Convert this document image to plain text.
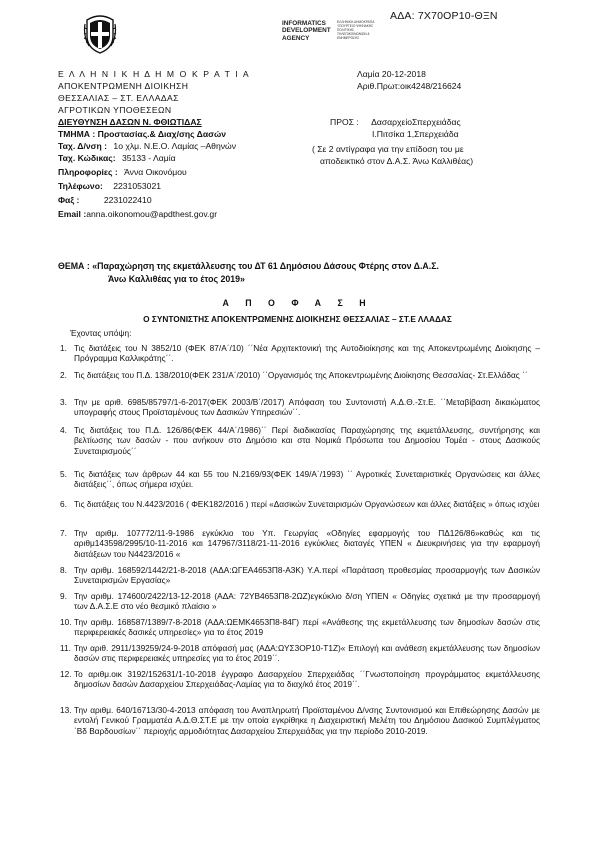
ΑΔΑ: 7Χ70ΟΡ10-ΘΞΝ
INFORMATICS
DEVELOPMENT
AGENCY
ΕΛΛΗΝΙΚΗ ΔΗΜΟΚΡΑΤΙΑ
ΥΠΟΥΡΓΕΙΟ ΨΗΦΙΑΚΗΣ
ΠΟΛΙΤΙΚΗΣ
ΤΗΛΕΠΙΚΟΙΝΩΝΙΩΝ &
ΕΝΗΜΕΡΩΣΗΣ
Ε Λ Λ Η Ν Ι Κ Η Δ Η Μ Ο Κ Ρ Α Τ Ι Α
ΑΠΟΚΕΝΤΡΩΜΕΝΗ ΔΙΟΙΚΗΣΗ
ΘΕΣΣΑΛΙΑΣ – ΣΤ. ΕΛΛΑΔΑΣ
ΑΓΡΟΤΙΚΩΝ ΥΠΟΘΕΣΕΩΝ
ΔΙΕΥΘΥΝΣΗ ΔΑΣΩΝ Ν. ΦΘΙΩΤΙΔΑΣ
ΤΜΗΜΑ : Προστασίας.& Διαχ/σης Δασών
Ταχ. Δ/νση : 1ο χλμ. Ν.Ε.Ο. Λαμίας –Αθηνών
Ταχ. Κώδικας: 35133 - Λαμία
Πληροφορίες : Άννα Οικονόμου
Τηλέφωνο: 2231053021
Φαξ :	2231022410
Email :anna.oikonomou@apdthest.gov.gr
Λαμία 20-12-2018
Αριθ.Πρωτ:οικ4248/216624
ΠΡΟΣ : ΔασαρχείοΣπερχειάδας
Ι.Πιτσίκα 1,Σπερχειάδα
( Σε 2 αντίγραφα για την επίδοση του με
αποδεικτικό στον Δ.Α.Σ. Άνω Καλλιθέας)
ΘΕΜΑ : «Παραχώρηση της εκμετάλλευσης του ΔΤ 61 Δημόσιου Δάσους Φτέρης στον Δ.Α.Σ.
Άνω Καλλιθέας για το έτος 2019»
Α Π Ο Φ Α Σ Η
Ο ΣΥΝΤΟΝΙΣΤΗΣ ΑΠΟΚΕΝΤΡΩΜΕΝΗΣ ΔΙΟΙΚΗΣΗΣ ΘΕΣΣΑΛΙΑΣ – ΣΤ.Ε ΛΛΑΔΑΣ
Έχοντας υπόψη:
1. Τις διατάξεις του Ν 3852/10 (ΦΕΚ 87/Α΄/10) ΄΄Νέα Αρχιτεκτονική της Αυτοδιοίκησης και της Αποκεντρωμένης Διοίκησης – Πρόγραμμα Καλλικράτης΄΄.
2. Τις διατάξεις του Π.Δ. 138/2010(ΦΕΚ 231/Α΄/2010) ΄΄Οργανισμός της Αποκεντρωμένης Διοίκησης Θεσσαλίας- Στ.Ελλάδας ΄΄
3. Την με αριθ. 6985/85797/1-6-2017(ΦΕΚ 2003/Β΄/2017) Απόφαση του Συντονιστή Α.Δ.Θ.-Στ.Ε. ΄΄Μεταβίβαση δικαιώματος υπογραφής στους Προϊσταμένους των Δασικών Υπηρεσιών΄΄.
4. Τις διατάξεις του Π.Δ. 126/86(ΦΕΚ 44/Α΄/1986)΄΄ Περί διαδικασίας Παραχώρησης της εκμετάλλευσης, συντήρησης και βελτίωσης των δασών - που ανήκουν στο Δημόσιο και στα Νομικά Πρόσωπα του Δημοσίου Τομέα - στους Δασικούς Συνεταιρισμούς΄΄
5. Τις διατάξεις των άρθρων 44 και 55 του Ν.2169/93(ΦΕΚ 149/Α΄/1993) ΄΄ Αγροτικές Συνεταιριστικές Οργανώσεις και άλλες διατάξεις΄΄, όπως σήμερα ισχύει.
6. Τις διατάξεις του Ν.4423/2016 ( ΦΕΚ182/2016 ) περί «Δασικών Συνεταιρισμών Οργανώσεων και άλλες διατάξεις » όπως ισχύει
7. Την αριθμ. 107772/11-9-1986 εγκύκλιο του Υπ. Γεωργίας «Οδηγίες εφαρμογής του ΠΔ126/86»καθώς και τις αριθμ143598/2995/10-11-2016 και 147967/3118/21-11-2016 εγκύκλιες διαταγές ΥΠΕΝ « Διευκρινήσεις για την εφαρμογή διατάξεων του Ν4423/2016 «
8. Την αριθμ. 168592/1442/21-8-2018 (ΑΔΑ:ΩΓΕΑ4653Π8-Α3Κ) Υ.Α.περί «Παράταση προθεσμίας προσαρμογής των Δασικών Συνεταιρισμών Εργασίας»
9. Την αριθμ. 174600/2422/13-12-2018 (ΑΔΑ: 72ΥΒ4653Π8-2ΩΖ)εγκύκλιο δ/ση ΥΠΕΝ « Οδηγίες σχετικά με την προσαρμογή των Δ.Α.Σ.Ε στο νέο θεσμικό πλαίσιο »
10. Την αριθμ. 168587/1389/7-8-2018 (ΑΔΑ:ΩΕΜΚ4653Π8-84Γ) περί «Ανάθεσης της εκμετάλλευσης των δημοσίων δασών στις περιφερειακές δασικές υπηρεσίες» για το έτος 2019
11. Την αριθ. 2911/139259/24-9-2018 απόφασή μας (ΑΔΑ:ΩΥΣ3ΟΡ10-Τ1Ζ)« Επιλογή και ανάθεση εκμετάλλευσης των δημοσίων δασών στις περιφερειακές υπηρεσίες για το έτος 2019΄΄.
12. Το αριθμ.οικ 3192/152631/1-10-2018 έγγραφο Δασαρχείου Σπερχειάδας ΄΄Γνωστοποίηση προγράμματος εκμετάλλευσης δημοσίων δασών Δασαρχείου Σπερχειάδας-Λαμίας για το διαχ/κό έτος 2019΄΄.
13. Την αριθμ. 640/16713/30-4-2013 απόφαση του Αναπληρωτή Προϊσταμένου Δ/νσης Συντονισμού και Επιθεώρησης Δασών με εντολή Γενικού Γραμματέα Α.Δ.Θ.ΣΤ.Ε με την οποία εγκρίθηκε η Διαχειριστική Μελέτη του Δημόσιου Δασικού Συμπλέγματος ΄Βδ Βαρδουσίων΄΄ περιοχής αρμοδιότητας Δασαρχείου Σπερχειάδας για την περίοδο 2010-2019.
